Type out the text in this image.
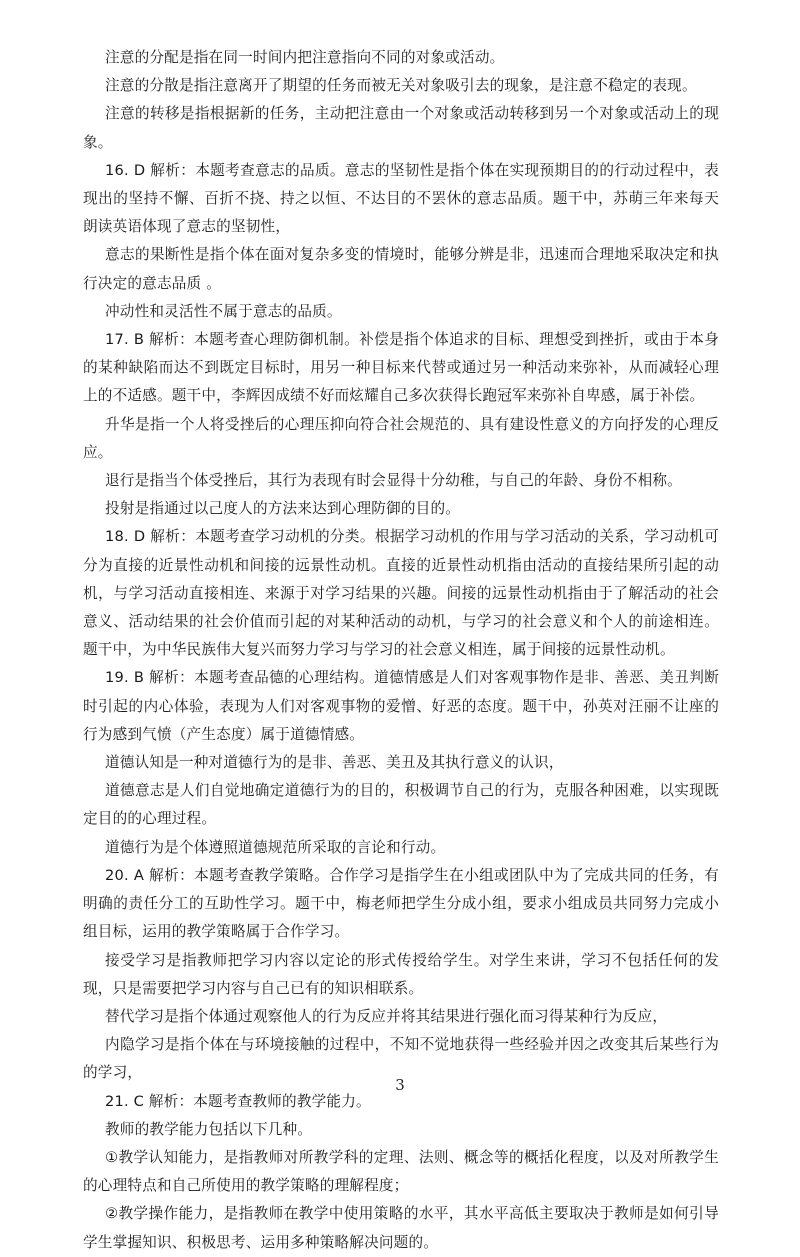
注意的分配是指在同一时间内把注意指向不同的对象或活动。

注意的分散是指注意离开了期望的任务而被无关对象吸引去的现象，是注意不稳定的表现。

注意的转移是指根据新的任务，主动把注意由一个对象或活动转移到另一个对象或活动上的现象。

16. D 解析：本题考查意志的品质。意志的坚韧性是指个体在实现预期目的的行动过程中，表现出的坚持不懈、百折不挠、持之以恒、不达目的不罢休的意志品质。题干中，苏萌三年来每天朗读英语体现了意志的坚韧性，

意志的果断性是指个体在面对复杂多变的情境时，能够分辨是非，迅速而合理地采取决定和执行决定的意志品质 。

冲动性和灵活性不属于意志的品质。

17. B 解析：本题考查心理防御机制。补偿是指个体追求的目标、理想受到挫折，或由于本身的某种缺陷而达不到既定目标时，用另一种目标来代替或通过另一种活动来弥补，从而减轻心理上的不适感。题干中，李辉因成绩不好而炫耀自己多次获得长跑冠军来弥补自卑感，属于补偿。

升华是指一个人将受挫后的心理压抑向符合社会规范的、具有建设性意义的方向抒发的心理反应。

退行是指当个体受挫后，其行为表现有时会显得十分幼稚，与自己的年龄、身份不相称。

投射是指通过以己度人的方法来达到心理防御的目的。

18. D 解析：本题考查学习动机的分类。根据学习动机的作用与学习活动的关系，学习动机可分为直接的近景性动机和间接的远景性动机。直接的近景性动机指由活动的直接结果所引起的动机，与学习活动直接相连、来源于对学习结果的兴趣。间接的远景性动机指由于了解活动的社会意义、活动结果的社会价值而引起的对某种活动的动机，与学习的社会意义和个人的前途相连。题干中，为中华民族伟大复兴而努力学习与学习的社会意义相连，属于间接的远景性动机。

19. B 解析：本题考查品德的心理结构。道德情感是人们对客观事物作是非、善恶、美丑判断时引起的内心体验，表现为人们对客观事物的爱憎、好恶的态度。题干中，孙英对汪丽不让座的行为感到气愤（产生态度）属于道德情感。

道德认知是一种对道德行为的是非、善恶、美丑及其执行意义的认识，

道德意志是人们自觉地确定道德行为的目的，积极调节自己的行为，克服各种困难，以实现既定目的的心理过程。

道德行为是个体遵照道德规范所采取的言论和行动。

20. A 解析：本题考查教学策略。合作学习是指学生在小组或团队中为了完成共同的任务，有明确的责任分工的互助性学习。题干中，梅老师把学生分成小组，要求小组成员共同努力完成小组目标，运用的教学策略属于合作学习。

接受学习是指教师把学习内容以定论的形式传授给学生。对学生来讲，学习不包括任何的发现，只是需要把学习内容与自己已有的知识相联系。

替代学习是指个体通过观察他人的行为反应并将其结果进行强化而习得某种行为反应，

内隐学习是指个体在与环境接触的过程中，不知不觉地获得一些经验并因之改变其后某些行为的学习，

21. C 解析：本题考查教师的教学能力。

教师的教学能力包括以下几种。

①教学认知能力，是指教师对所教学科的定理、法则、概念等的概括化程度，以及对所教学生的心理特点和自己所使用的教学策略的理解程度；

②教学操作能力，是指教师在教学中使用策略的水平，其水平高低主要取决于教师是如何引导学生掌握知识、积极思考、运用多种策略解决问题的。

3
